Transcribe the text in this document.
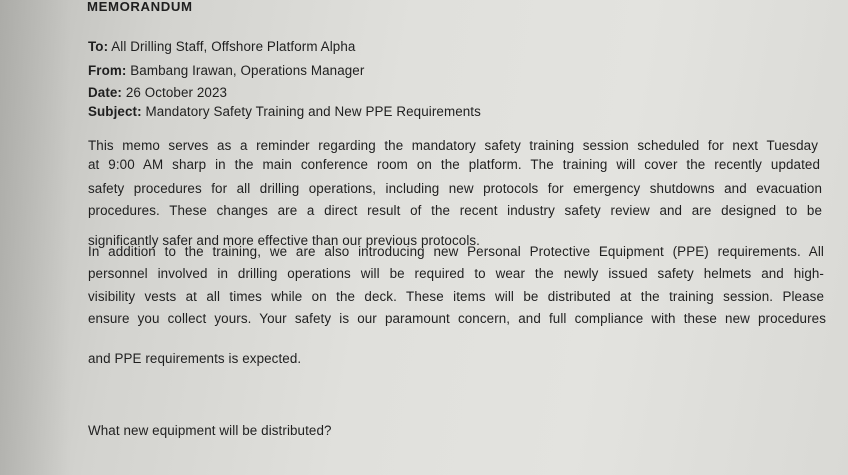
MEMORANDUM
To: All Drilling Staff, Offshore Platform Alpha
From: Bambang Irawan, Operations Manager
Date: 26 October 2023
Subject: Mandatory Safety Training and New PPE Requirements
This memo serves as a reminder regarding the mandatory safety training session scheduled for next Tuesday
at 9:00 AM sharp in the main conference room on the platform. The training will cover the recently updated
safety procedures for all drilling operations, including new protocols for emergency shutdowns and evacuation
procedures. These changes are a direct result of the recent industry safety review and are designed to be
significantly safer and more effective than our previous protocols.
In addition to the training, we are also introducing new Personal Protective Equipment (PPE) requirements. All
personnel involved in drilling operations will be required to wear the newly issued safety helmets and high-
visibility vests at all times while on the deck. These items will be distributed at the training session. Please
ensure you collect yours. Your safety is our paramount concern, and full compliance with these new procedures
and PPE requirements is expected.
What new equipment will be distributed?
